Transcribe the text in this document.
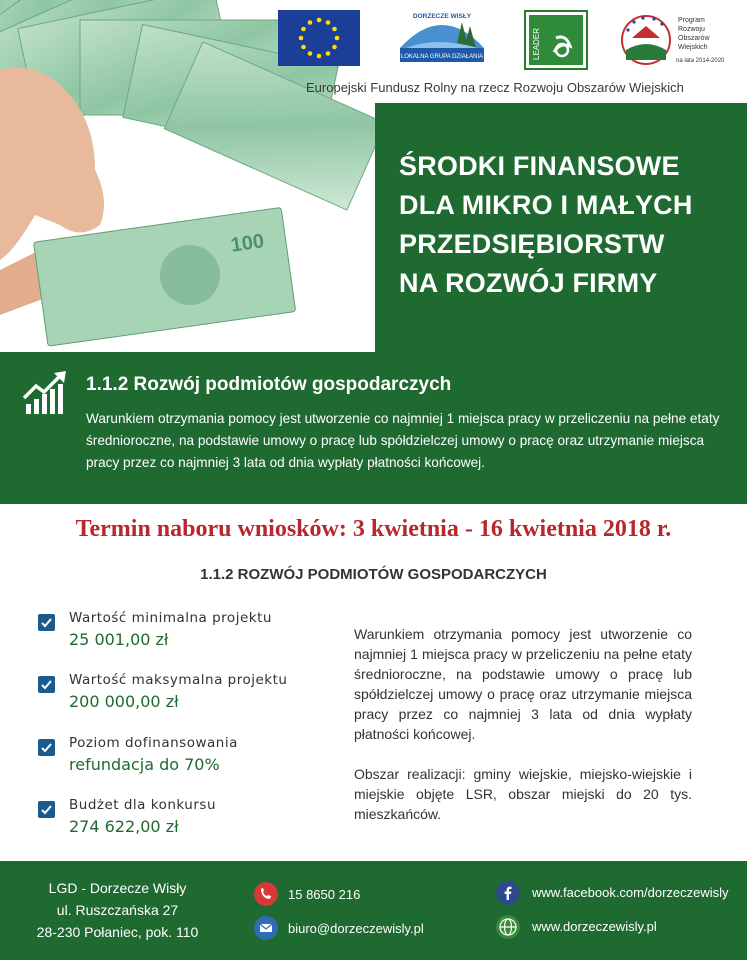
100
DORZECZE WISŁY
LOKALNA GRUPA DZIAŁANIA	LEADER
Program
Rozwoju
Obszarów
Wiejskich
na lata 2014-2020
Europejski Fundusz Rolny na rzecz Rozwoju Obszarów Wiejskich
ŚRODKI FINANSOWE
DLA MIKRO I MAŁYCH
PRZEDSIĘBIORSTW
NA ROZWÓJ FIRMY
1.1.2 Rozwój podmiotów gospodarczych
Warunkiem otrzymania pomocy jest utworzenie co najmniej 1 miejsca pracy w przeliczeniu na pełne etaty średnioroczne, na podstawie umowy o pracę lub spółdzielczej umowy o pracę oraz utrzymanie miejsca pracy przez co najmniej 3 lata od dnia wypłaty płatności końcowej.
Termin naboru wniosków: 3 kwietnia - 16 kwietnia 2018 r.
1.1.2 ROZWÓJ PODMIOTÓW GOSPODARCZYCH
Wartość minimalna projektu
25 001,00 zł
Wartość maksymalna projektu
200 000,00 zł
Poziom dofinansowania
refundacja do 70%
Budżet dla konkursu
274 622,00 zł

Warunkiem otrzymania pomocy jest utworzenie co najmniej 1 miejsca pracy w przeliczeniu na pełne etaty średnioroczne, na podstawie umowy o pracę lub spółdzielczej umowy o pracę oraz utrzymanie miejsca pracy przez co najmniej 3 lata od dnia wypłaty płatności końcowej.

Obszar realizacji: gminy wiejskie, miejsko-wiejskie i miejskie objęte LSR, obszar miejski do 20 tys. mieszkańców.

LGD - Dorzecze Wisły
ul. Ruszczańska 27
28-230 Połaniec, pok. 110
15 8650 216
biuro@dorzeczewisly.pl
www.facebook.com/dorzeczewisly
www.dorzeczewisly.pl
